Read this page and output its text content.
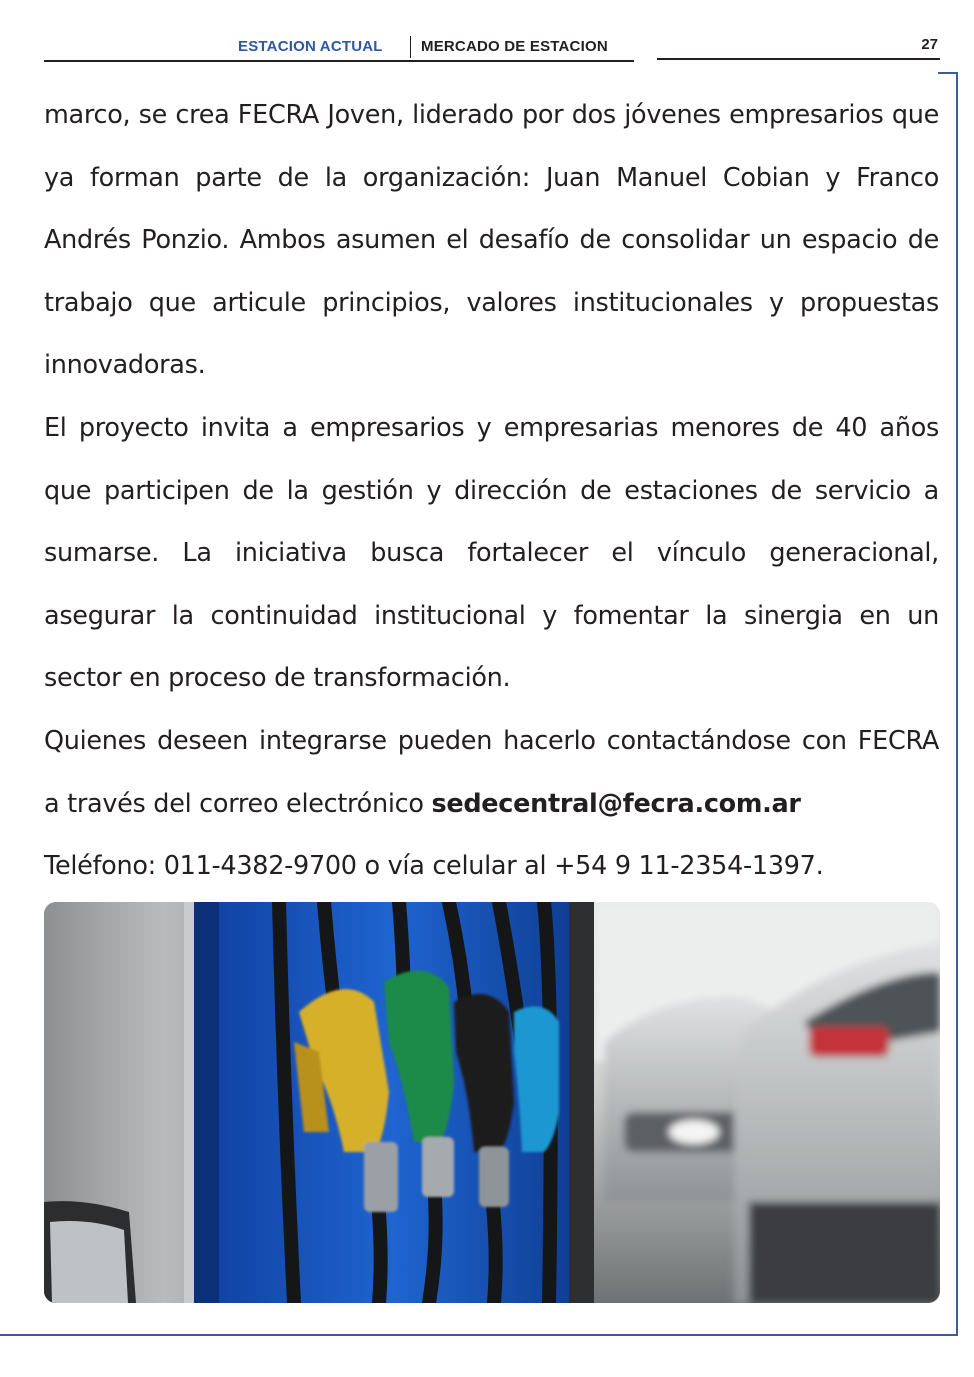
ESTACION ACTUAL	MERCADO DE ESTACION	27

marco, se crea FECRA Joven, liderado por dos jóvenes empresarios que ya forman parte de la organización: Juan Manuel Cobian y Franco Andrés Ponzio. Ambos asumen el desafío de consolidar un espacio de trabajo que articule principios, valores institucionales y propuestas innovadoras.

El proyecto invita a empresarios y empresarias menores de 40 años que participen de la gestión y dirección de estaciones de servicio a sumarse. La iniciativa busca fortalecer el vínculo generacional, asegurar la continuidad institucional y fomentar la sinergia en un sector en proceso de transformación.

Quienes deseen integrarse pueden hacerlo contactándose con FECRA a través del correo electrónico sedecentral@fecra.com.ar

Teléfono: 011-4382-9700 o vía celular al +54 9 11-2354-1397.
